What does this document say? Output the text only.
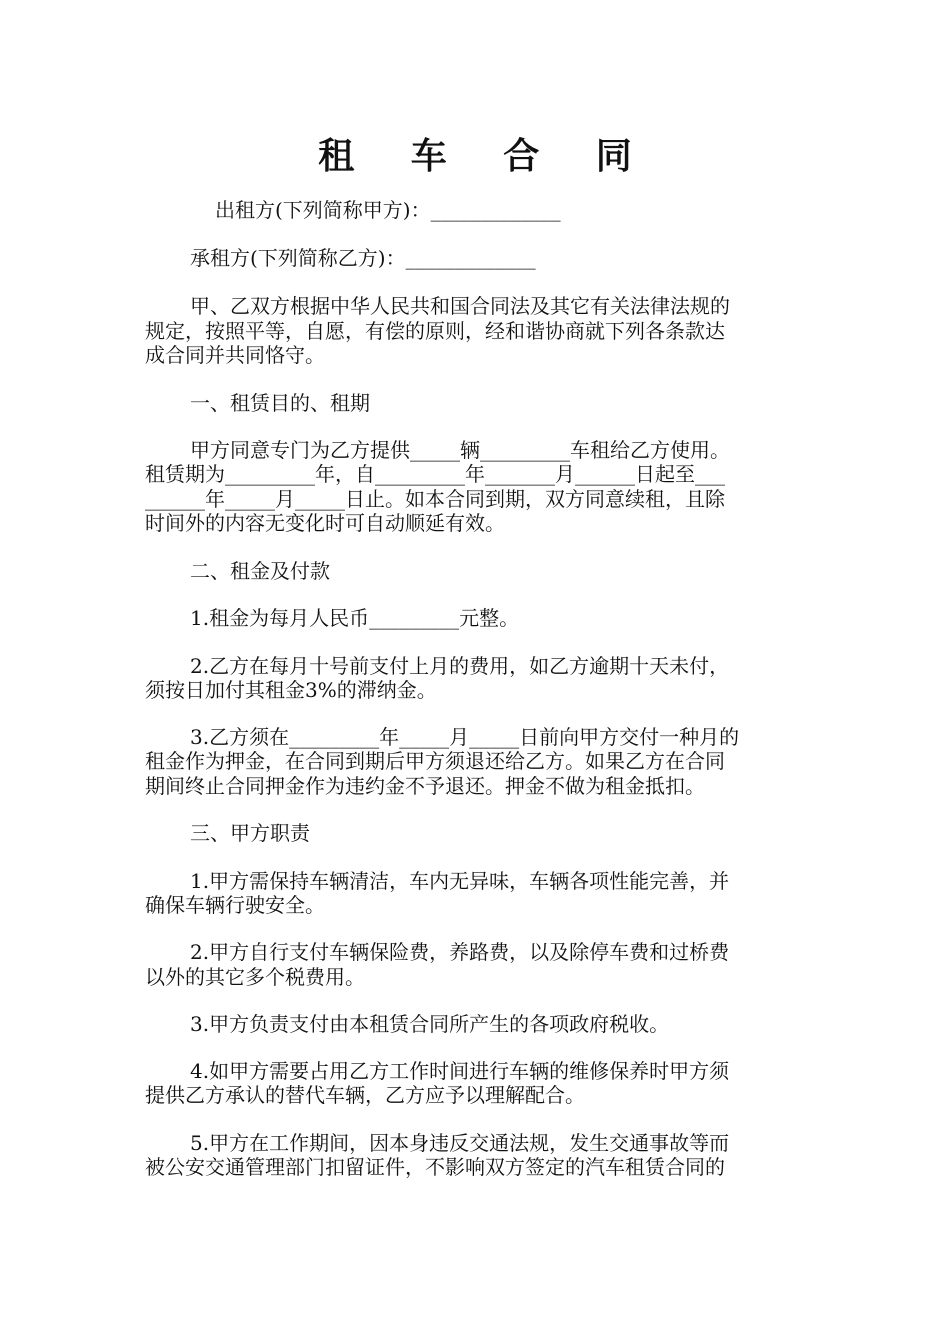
租 车 合 同
出租方(下列简称甲方)：_____________
承租方(下列简称乙方)：_____________
甲、乙双方根据中华人民共和国合同法及其它有关法律法规的
规定，按照平等，自愿，有偿的原则，经和谐协商就下列各条款达
成合同并共同恪守。
一、租赁目的、租期
甲方同意专门为乙方提供_____辆_________车租给乙方使用。
租赁期为_________年，自_________年_______月______日起至___
______年_____月_____日止。如本合同到期，双方同意续租，且除
时间外的内容无变化时可自动顺延有效。
二、租金及付款
1.租金为每月人民币_________元整。
2.乙方在每月十号前支付上月的费用，如乙方逾期十天未付，
须按日加付其租金3%的滞纳金。
3.乙方须在_________年_____月_____日前向甲方交付一种月的
租金作为押金，在合同到期后甲方须退还给乙方。如果乙方在合同
期间终止合同押金作为违约金不予退还。押金不做为租金抵扣。
三、甲方职责
1.甲方需保持车辆清洁，车内无异味，车辆各项性能完善，并
确保车辆行驶安全。
2.甲方自行支付车辆保险费，养路费，以及除停车费和过桥费
以外的其它多个税费用。
3.甲方负责支付由本租赁合同所产生的各项政府税收。
4.如甲方需要占用乙方工作时间进行车辆的维修保养时甲方须
提供乙方承认的替代车辆，乙方应予以理解配合。
5.甲方在工作期间，因本身违反交通法规，发生交通事故等而
被公安交通管理部门扣留证件，不影响双方签定的汽车租赁合同的
